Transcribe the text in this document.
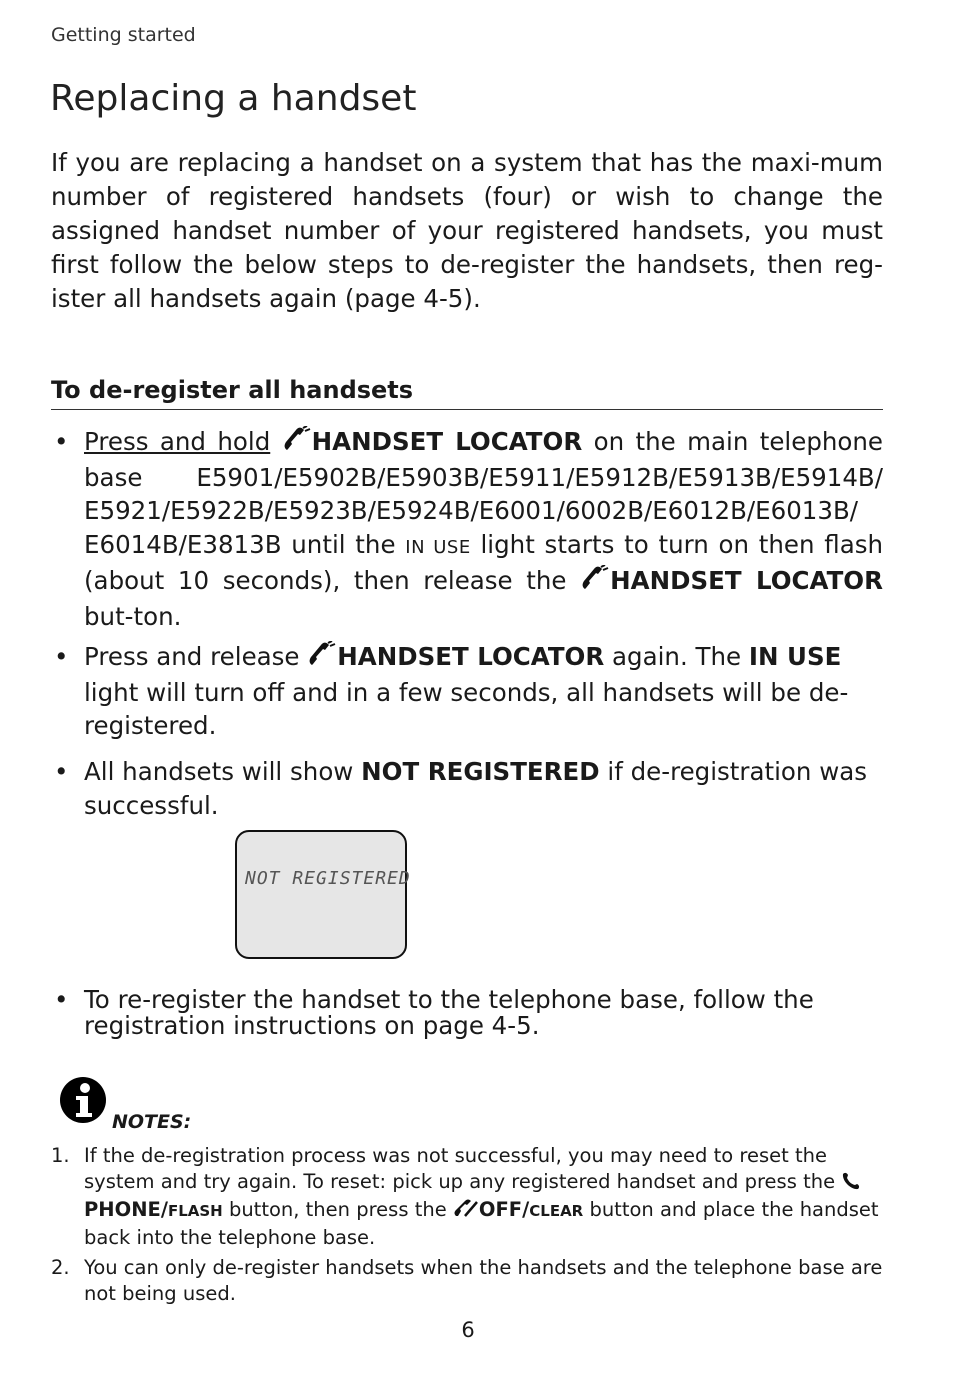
Getting started
Replacing a handset

If you are replacing a handset on a system that has the maxi-mum number of registered handsets (four) or wish to change the assigned handset number of your registered handsets, you must first follow the below steps to de-register the handsets, then reg-ister all handsets again (page 4-5).

To de-register all handsets
• Press and hold HANDSET LOCATOR on the main telephone base E5901/E5902B/E5903B/E5911/E5912B/E5913B/E5914B/ E5921/E5922B/E5923B/E5924B/E6001/6002B/E6012B/E6013B/ E6014B/E3813B until the IN USE light starts to turn on then flash (about 10 seconds), then release the HANDSET LOCATOR but-ton.
• Press and release HANDSET LOCATOR again. The IN USE light will turn off and in a few seconds, all handsets will be de-registered.
• All handsets will show NOT REGISTERED if de-registration was successful.
NOT REGISTERED
• To re-register the handset to the telephone base, follow the registration instructions on page 4-5.
NOTES:
1. If the de-registration process was not successful, you may need to reset the system and try again. To reset: pick up any registered handset and press the PHONE/FLASH button, then press the OFF/CLEAR button and place the handset back into the telephone base.
2. You can only de-register handsets when the handsets and the telephone base are not being used.
6
